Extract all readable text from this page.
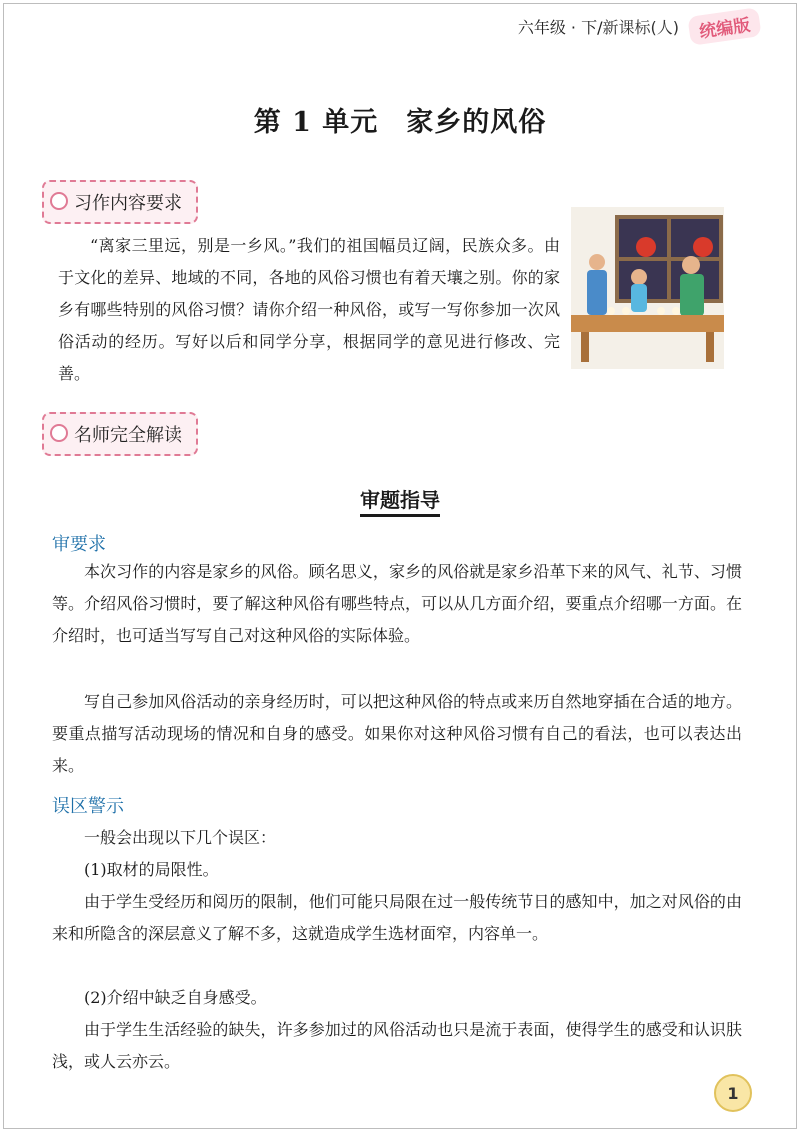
六年级 · 下/ 新课标(人)	统编版
第 1 单元　家乡的风俗
习作内容要求

“离家三里远，别是一乡风。”我们的祖国幅员辽阔，民族众多。由于文化的差异、地域的不同，各地的风俗习惯也有着天壤之别。你的家乡有哪些特别的风俗习惯？请你介绍一种风俗，或写一写你参加一次风俗活动的经历。写好以后和同学分享，根据同学的意见进行修改、完善。

名师完全解读
审题指导
审要求

本次习作的内容是家乡的风俗。顾名思义，家乡的风俗就是家乡沿革下来的风气、礼节、习惯等。介绍风俗习惯时，要了解这种风俗有哪些特点，可以从几方面介绍，要重点介绍哪一方面。在介绍时，也可适当写写自己对这种风俗的实际体验。

写自己参加风俗活动的亲身经历时，可以把这种风俗的特点或来历自然地穿插在合适的地方。要重点描写活动现场的情况和自身的感受。如果你对这种风俗习惯有自己的看法，也可以表达出来。

误区警示

一般会出现以下几个误区：

(1)取材的局限性。

由于学生受经历和阅历的限制，他们可能只局限在过一般传统节日的感知中，加之对风俗的由来和所隐含的深层意义了解不多，这就造成学生选材面窄，内容单一。

(2)介绍中缺乏自身感受。

由于学生生活经验的缺失，许多参加过的风俗活动也只是流于表面，使得学生的感受和认识肤浅，或人云亦云。

1
